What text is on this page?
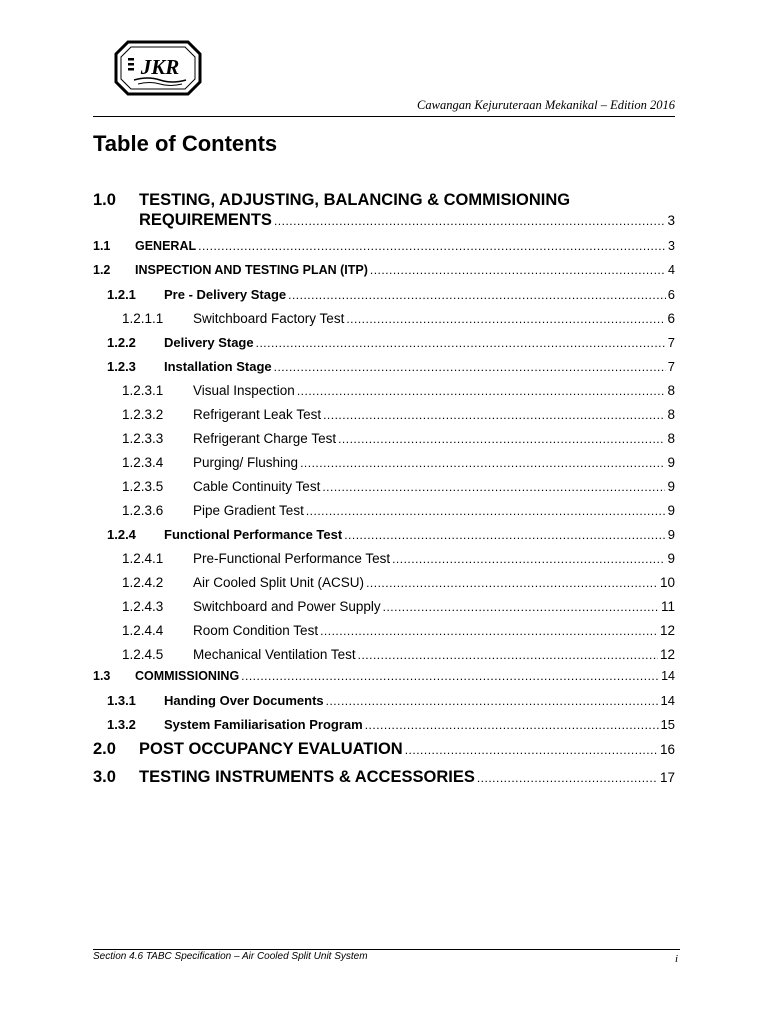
JKR
Cawangan Kejuruteraan Mekanikal – Edition 2016
Table of Contents
1.0	TESTING, ADJUSTING, BALANCING & COMMISIONING
REQUIREMENTS .....	3
1.1	GENERAL .....	3
1.2	INSPECTION AND TESTING PLAN (ITP) .....	4
1.2.1	Pre - Delivery Stage .....	6
1.2.1.1	Switchboard Factory Test .....	6
1.2.2	Delivery Stage .....	7
1.2.3	Installation Stage .....	7
1.2.3.1	Visual Inspection .....	8
1.2.3.2	Refrigerant Leak Test .....	8
1.2.3.3	Refrigerant Charge Test .....	8
1.2.3.4	Purging/ Flushing .....	9
1.2.3.5	Cable Continuity Test .....	9
1.2.3.6	Pipe Gradient Test .....	9
1.2.4	Functional Performance Test .....	9
1.2.4.1	Pre-Functional Performance Test .....	9
1.2.4.2	Air Cooled Split Unit (ACSU) .....	10
1.2.4.3	Switchboard and Power Supply .....	11
1.2.4.4	Room Condition Test .....	12
1.2.4.5	Mechanical Ventilation Test .....	12
1.3	COMMISSIONING .....	14
1.3.1	Handing Over Documents .....	14
1.3.2	System Familiarisation Program .....	15
2.0	POST OCCUPANCY EVALUATION .....	16
3.0	TESTING INSTRUMENTS & ACCESSORIES .....	17
Section 4.6 TABC Specification – Air Cooled Split Unit System	i
